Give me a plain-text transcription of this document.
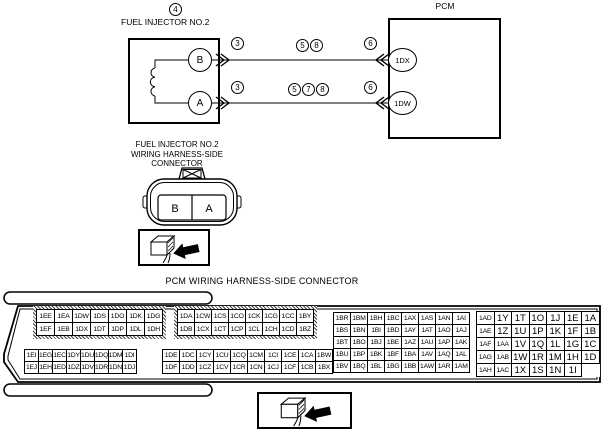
4
FUEL INJECTOR NO.2
B
A
PCM
1DX
1DW
3	5	8	6
3	5	7	8	6
FUEL INJECTOR NO.2
WIRING HARNESS-SIDE
CONNECTOR
B A
PCM WIRING HARNESS-SIDE CONNECTOR
1EE 1EA 1DW 1DS 1DO 1DK 1DG
1EF 1EB 1DX 1DT 1DP 1DL 1DH
1DA 1CW 1CS 1CO 1CK 1CG 1CC 1BY
1DB 1CX 1CT 1CP 1CL 1CH 1CD 1BZ
1BR 1BM 1BH 1BC 1AX 1AS 1AN 1AI
1BS 1BN 1BI 1BD 1AY 1AT 1AO 1AJ
1BT 1BO 1BJ 1BE 1AZ 1AU 1AP 1AK
1BU 1BP 1BK 1BF 1BA 1AV 1AQ 1AL
1BV 1BQ 1BL 1BG 1BB 1AW 1AR 1AM
1AD 1Y 1T 1O 1J 1E 1A
1AE 1Z 1U 1P 1K 1F 1B
1AF 1AA 1V 1Q 1L 1G 1C
1AG 1AB 1W 1R 1M 1H 1D
1AH 1AC 1X 1S 1N 1I
1EI 1EG 1EC 1DY 1DU 1DQ 1DM 1DI
1EJ 1EH 1ED 1DZ 1DV 1DR 1DN 1DJ
1DE 1DC 1CY 1CU 1CQ 1CM 1CI 1CE 1CA 1BW
1DF 1DD 1CZ 1CV 1CR 1CN 1CJ 1CF 1CB 1BX
